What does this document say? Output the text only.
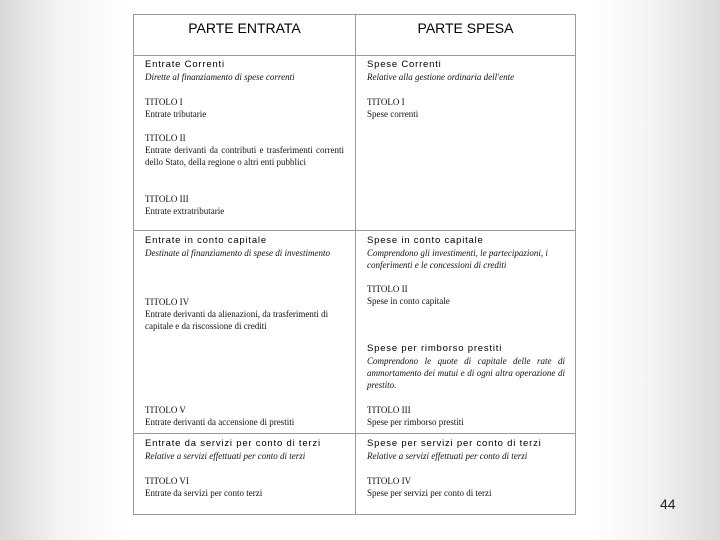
PARTE ENTRATA	PARTE SPESA
Entrate Correnti
Dirette al finanziamento di spese correnti
TITOLO I
Entrate tributarie
TITOLO II
Entrate derivanti da contributi e trasferimenti correnti dello Stato, della regione o altri enti pubblici
TITOLO III
Entrate extratributarie
Spese Correnti
Relative alla gestione ordinaria dell'ente
TITOLO I
Spese correnti
Entrate in conto capitale
Destinate al finanziamento di spese di investimento
TITOLO IV
Entrate derivanti da alienazioni, da trasferimenti di capitale e da riscossione di crediti
TITOLO V
Entrate derivanti da accensione di prestiti
Spese in conto capitale
Comprendono gli investimenti, le partecipazioni, i conferimenti e le concessioni di crediti
TITOLO II
Spese in conto capitale
Spese per rimborso prestiti
Comprendono le quote di capitale delle rate di ammortamento dei mutui e di ogni altra operazione di prestito.
TITOLO III
Spese per rimborso prestiti
Entrate da servizi per conto di terzi
Relative a servizi effettuati per conto di terzi
TITOLO VI
Entrate da servizi per conto terzi
Spese per servizi per conto di terzi
Relative a servizi effettuati per conto di terzi
TITOLO IV
Spese per servizi per conto di terzi
44
